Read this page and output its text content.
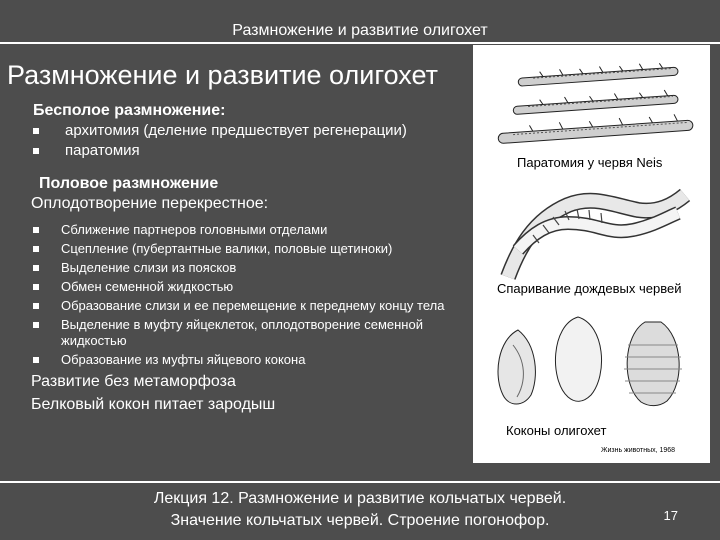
Размножение и развитие олигохет
Размножение и развитие олигохет
Бесполое размножение:
архитомия (деление предшествует регенерации)
паратомия
Половое размножение
Оплодотворение перекрестное:
Сближение партнеров головными отделами
Сцепление (пубертантные валики, половые щетиноки)
Выделение слизи из поясков
Обмен семенной жидкостью
Образование слизи и ее перемещение к переднему концу тела
Выделение в муфту яйцеклеток, оплодотворение семенной жидкостью
Образование из муфты яйцевого кокона
Развитие без метаморфоза
Белковый кокон питает зародыш
Паратомия у червя Neis
Спаривание дождевых червей
Коконы олигохет
Жизнь животных, 1968
Лекция 12. Размножение и развитие кольчатых червей.
Значение кольчатых червей. Строение погонофор.	17
